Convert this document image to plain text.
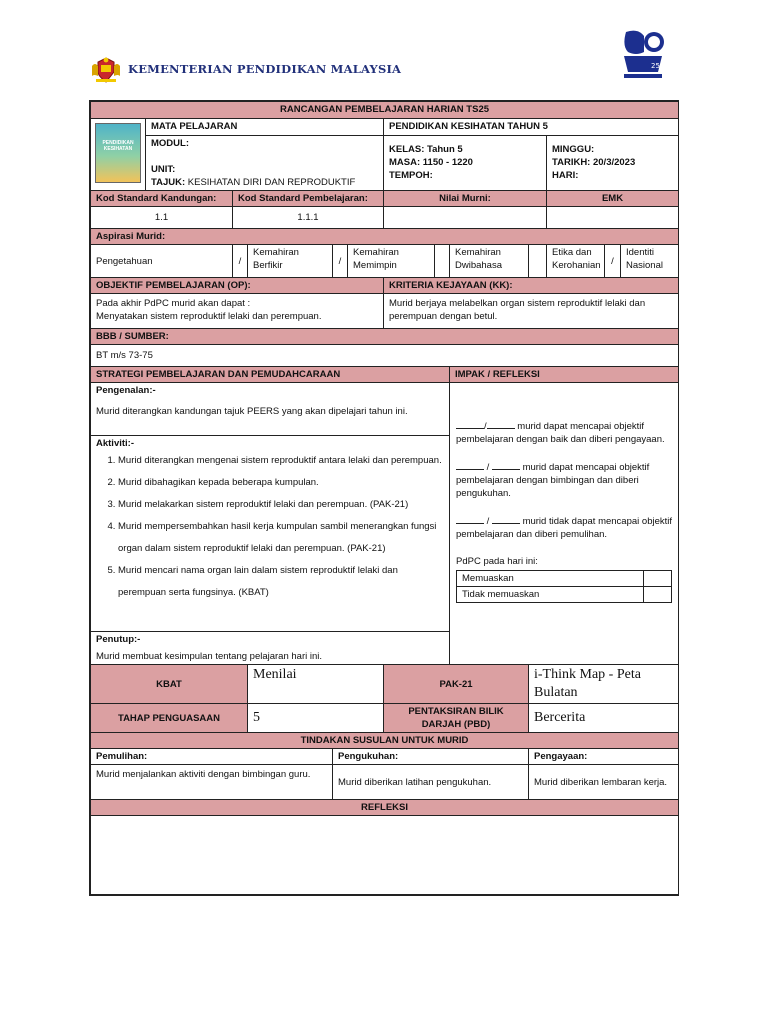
KEMENTERIAN PENDIDIKAN MALAYSIA	25
RANCANGAN PEMBELAJARAN HARIAN TS25

PENDIDIKAN KESIHATAN
	MATA PELAJARAN	PENDIDIKAN KESIHATAN TAHUN 5

MODUL:
UNIT:
TAJUK: KESIHATAN DIRI DAN REPRODUKTIF

KELAS: Tahun 5
MASA: 1150 - 1220
TEMPOH:

MINGGU:
TARIKH: 20/3/2023
HARI:

Kod Standard Kandungan:	Kod Standard Pembelajaran:	Nilai Murni:	EMK
1.1	1.1.1		
Aspirasi Murid:
Pengetahuan	/	Kemahiran Berfikir	/	Kemahiran Memimpin		Kemahiran Dwibahasa		Etika dan Kerohanian	/	Identiti Nasional
OBJEKTIF PEMBELAJARAN (OP):	KRITERIA KEJAYAAN (KK):

Pada akhir PdPC murid akan dapat :
Menyatakan sistem reproduktif lelaki dan perempuan.
	Murid berjaya melabelkan organ sistem reproduktif lelaki dan perempuan dengan betul.
BBB / SUMBER:
BT m/s 73-75
STRATEGI PEMBELAJARAN DAN PEMUDAHCARAAN	IMPAK / REFLEKSI

Pengenalan:-
Murid diterangkan kandungan tajuk PEERS yang akan dipelajari tahun ini.
Aktiviti:-
1. Murid diterangkan mengenai sistem reproduktif antara lelaki dan perempuan.
2. Murid dibahagikan kepada beberapa kumpulan.
3. Murid melakarkan sistem reproduktif lelaki dan perempuan. (PAK-21)
4. Murid mempersembahkan hasil kerja kumpulan sambil menerangkan fungsi organ dalam sistem reproduktif lelaki dan perempuan. (PAK-21)
5. Murid mencari nama organ lain dalam sistem reproduktif lelaki dan perempuan serta fungsinya. (KBAT)
Penutup:-
Murid membuat kesimpulan tentang pelajaran hari ini.

/	murid dapat mencapai objektif pembelajaran dengan baik dan diberi pengayaan.
/	murid dapat mencapai objektif pembelajaran dengan bimbingan dan diberi pengukuhan.
/	murid tidak dapat mencapai objektif pembelajaran dan diberi pemulihan.
PdPC pada hari ini:
Memuaskan	
Tidak memuaskan	

KBAT	Menilai	PAK-21	i-Think Map - Peta Bulatan
TAHAP PENGUASAAN	5	PENTAKSIRAN BILIK DARJAH (PBD)	Bercerita
TINDAKAN SUSULAN UNTUK MURID
Pemulihan:	Pengukuhan:	Pengayaan:
Murid menjalankan aktiviti dengan bimbingan guru.	Murid diberikan latihan pengukuhan.	Murid diberikan lembaran kerja.
REFLEKSI
